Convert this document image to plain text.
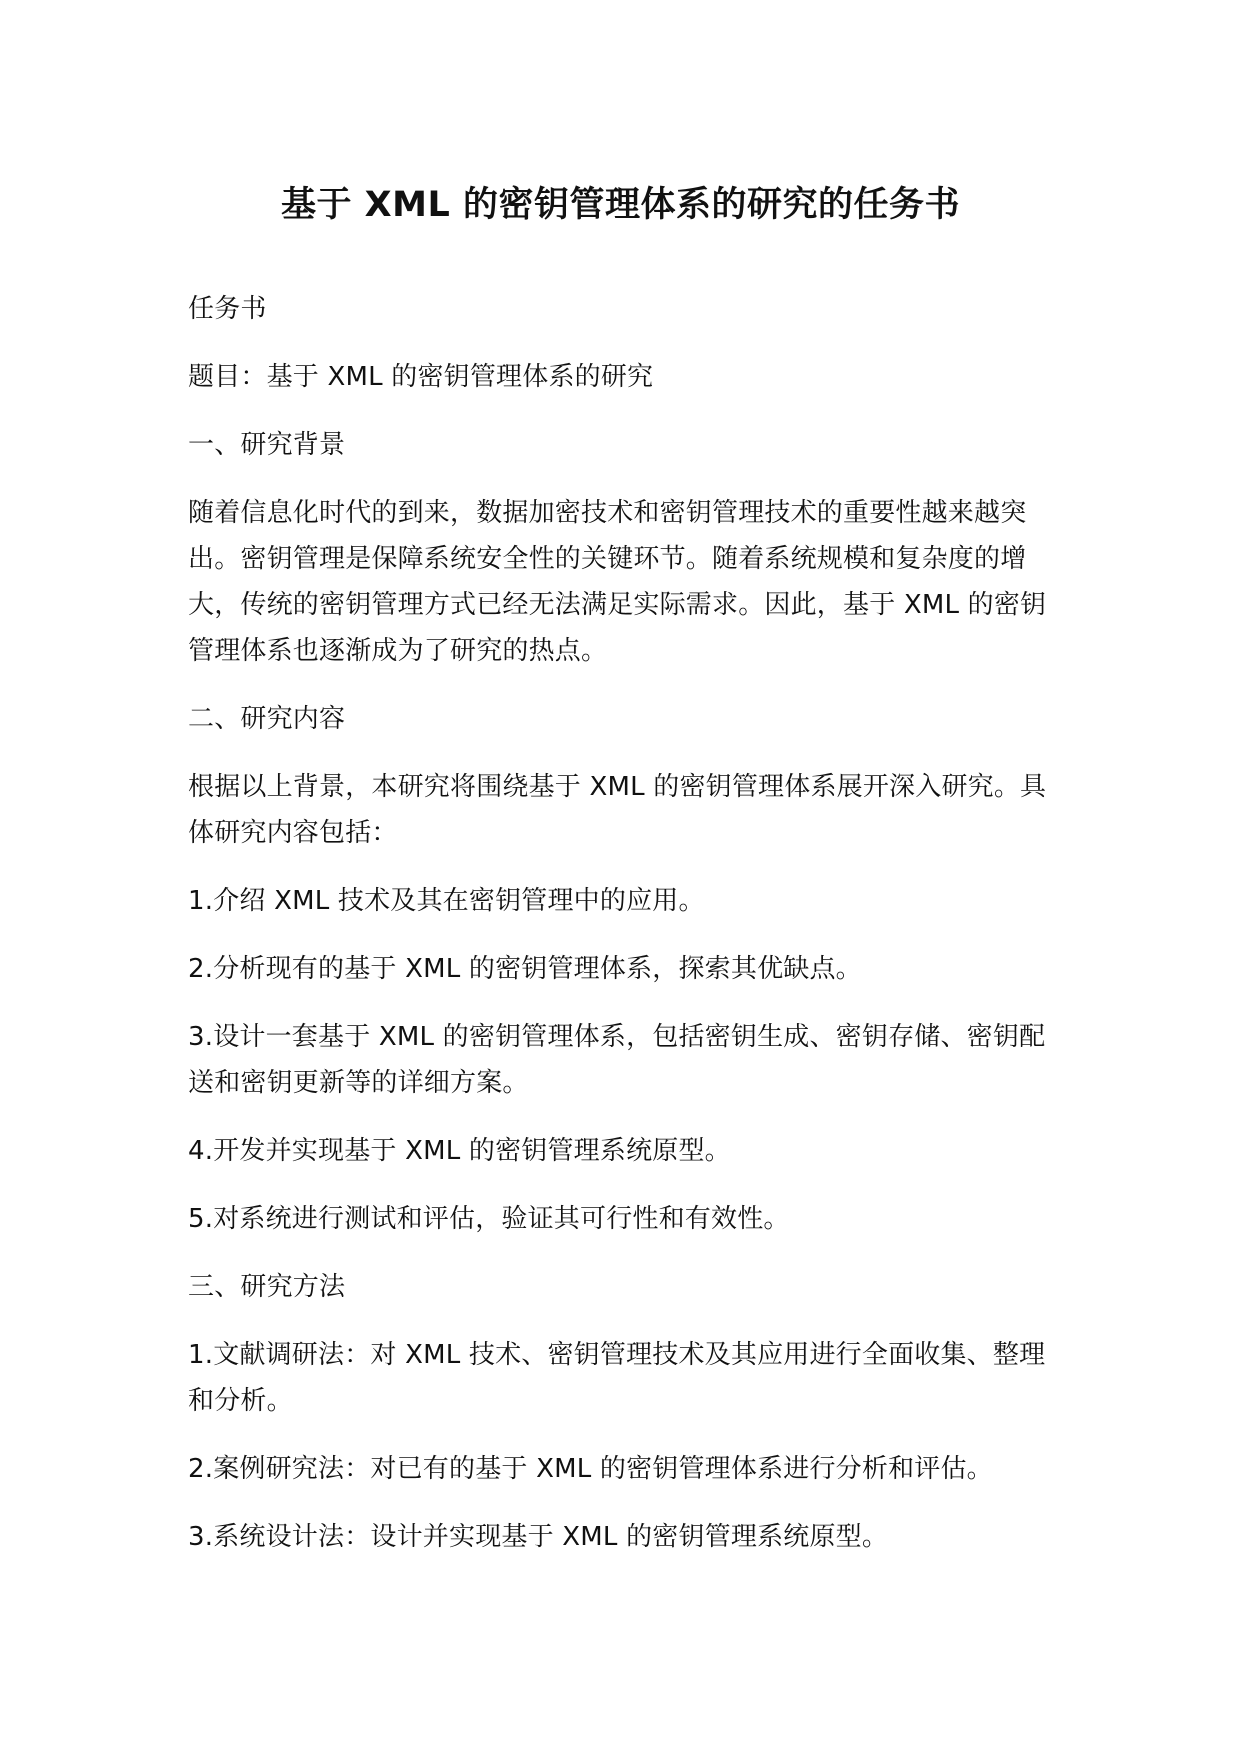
基于 XML 的密钥管理体系的研究的任务书

任务书

题目：基于 XML 的密钥管理体系的研究

一、研究背景

随着信息化时代的到来，数据加密技术和密钥管理技术的重要性越来越突出。密钥管理是保障系统安全性的关键环节。随着系统规模和复杂度的增大，传统的密钥管理方式已经无法满足实际需求。因此，基于 XML 的密钥管理体系也逐渐成为了研究的热点。

二、研究内容

根据以上背景，本研究将围绕基于 XML 的密钥管理体系展开深入研究。具体研究内容包括：

1.介绍 XML 技术及其在密钥管理中的应用。

2.分析现有的基于 XML 的密钥管理体系，探索其优缺点。

3.设计一套基于 XML 的密钥管理体系，包括密钥生成、密钥存储、密钥配送和密钥更新等的详细方案。

4.开发并实现基于 XML 的密钥管理系统原型。

5.对系统进行测试和评估，验证其可行性和有效性。

三、研究方法

1.文献调研法：对 XML 技术、密钥管理技术及其应用进行全面收集、整理和分析。

2.案例研究法：对已有的基于 XML 的密钥管理体系进行分析和评估。

3.系统设计法：设计并实现基于 XML 的密钥管理系统原型。
